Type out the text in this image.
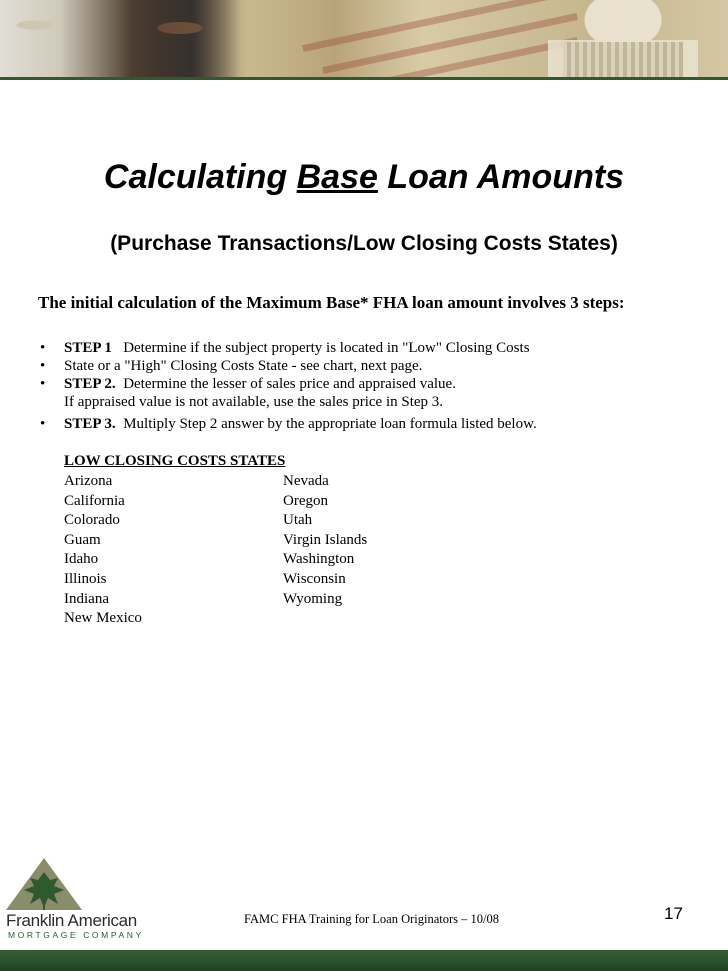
Calculating Base Loan Amounts
(Purchase Transactions/Low Closing Costs States)
The initial calculation of the Maximum Base* FHA loan amount involves 3 steps:
• STEP 1 Determine if the subject property is located in "Low" Closing Costs
• State or a "High" Closing Costs State - see chart, next page.
• STEP 2. Determine the lesser of sales price and appraised value.
If appraised value is not available, use the sales price in Step 3.
• STEP 3. Multiply Step 2 answer by the appropriate loan formula listed below.
LOW CLOSING COSTS STATES
Arizona
California
Colorado
Guam
Idaho
Illinois
Indiana
New Mexico
Nevada
Oregon
Utah
Virgin Islands
Washington
Wisconsin
Wyoming
Franklin American
MORTGAGE COMPANY
FAMC FHA Training for Loan Originators – 10/08	17
